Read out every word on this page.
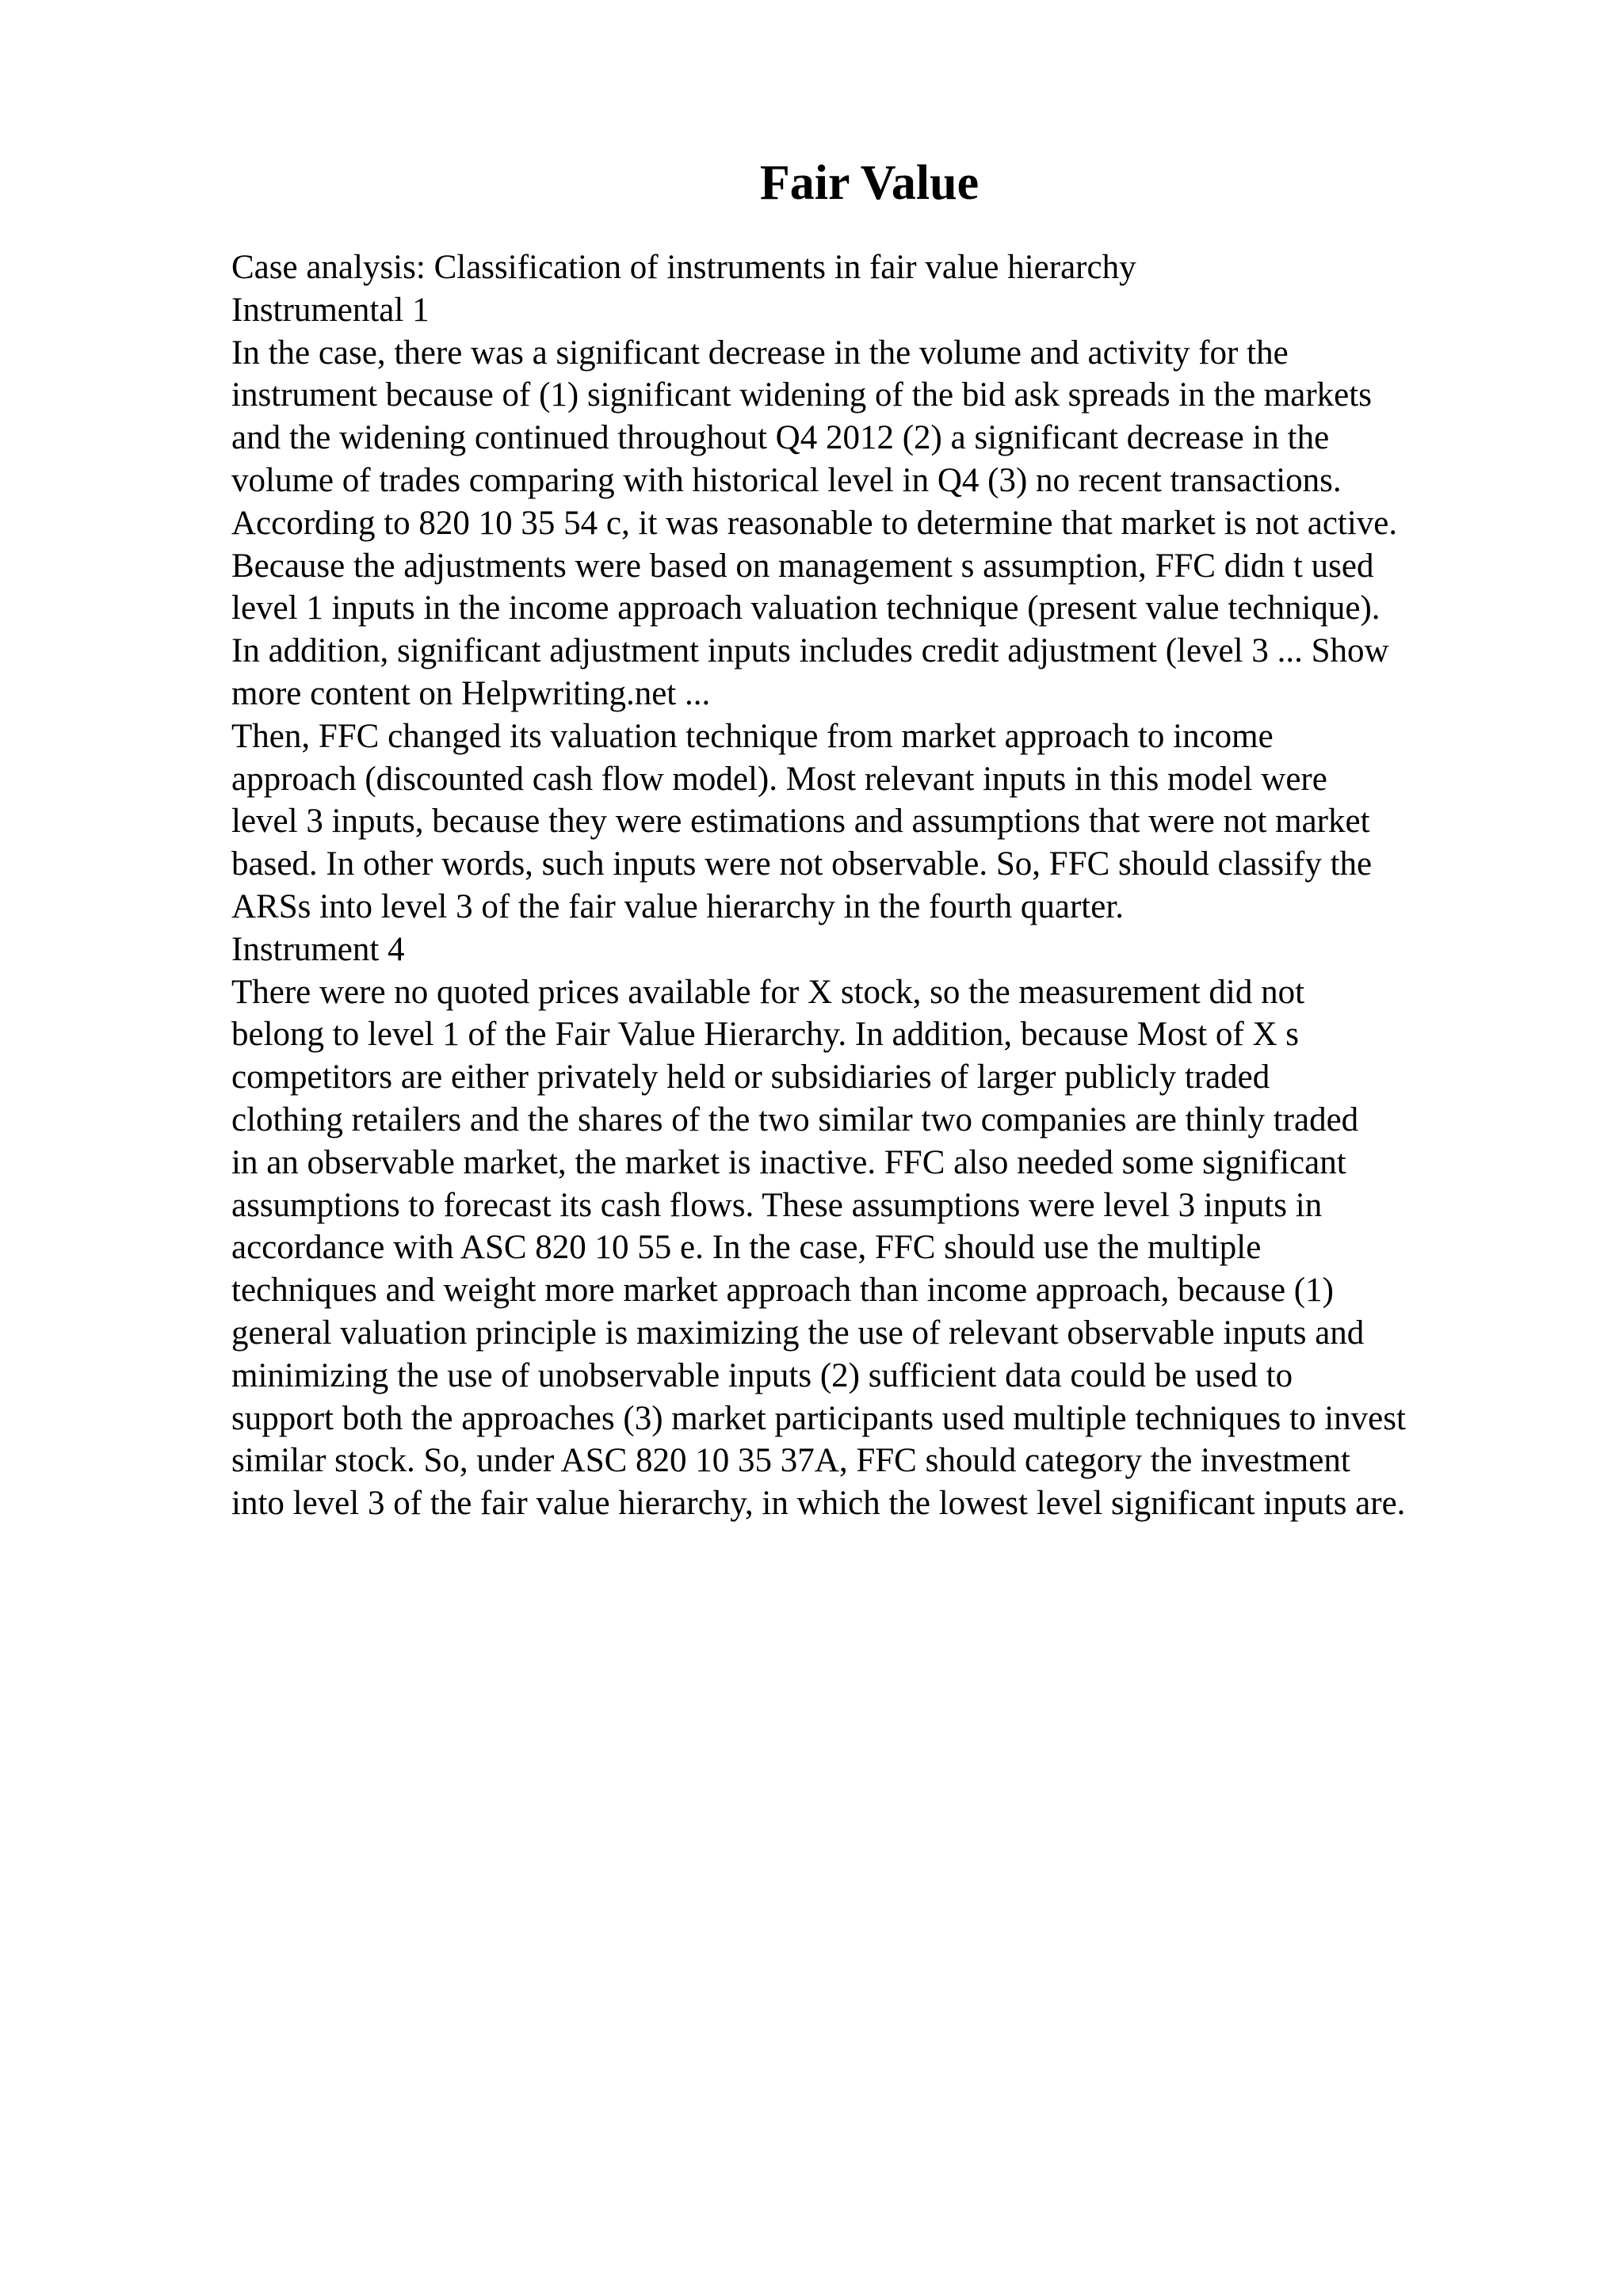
Fair Value
Case analysis: Classification of instruments in fair value hierarchy
Instrumental 1
In the case, there was a significant decrease in the volume and activity for the
instrument because of (1) significant widening of the bid ask spreads in the markets
and the widening continued throughout Q4 2012 (2) a significant decrease in the
volume of trades comparing with historical level in Q4 (3) no recent transactions.
According to 820 10 35 54 c, it was reasonable to determine that market is not active.
Because the adjustments were based on management s assumption, FFC didn t used
level 1 inputs in the income approach valuation technique (present value technique).
In addition, significant adjustment inputs includes credit adjustment (level 3 ... Show
more content on Helpwriting.net ...
Then, FFC changed its valuation technique from market approach to income
approach (discounted cash flow model). Most relevant inputs in this model were
level 3 inputs, because they were estimations and assumptions that were not market
based. In other words, such inputs were not observable. So, FFC should classify the
ARSs into level 3 of the fair value hierarchy in the fourth quarter.
Instrument 4
There were no quoted prices available for X stock, so the measurement did not
belong to level 1 of the Fair Value Hierarchy. In addition, because Most of X s
competitors are either privately held or subsidiaries of larger publicly traded
clothing retailers and the shares of the two similar two companies are thinly traded
in an observable market, the market is inactive. FFC also needed some significant
assumptions to forecast its cash flows. These assumptions were level 3 inputs in
accordance with ASC 820 10 55 e. In the case, FFC should use the multiple
techniques and weight more market approach than income approach, because (1)
general valuation principle is maximizing the use of relevant observable inputs and
minimizing the use of unobservable inputs (2) sufficient data could be used to
support both the approaches (3) market participants used multiple techniques to invest
similar stock. So, under ASC 820 10 35 37A, FFC should category the investment
into level 3 of the fair value hierarchy, in which the lowest level significant inputs are.
